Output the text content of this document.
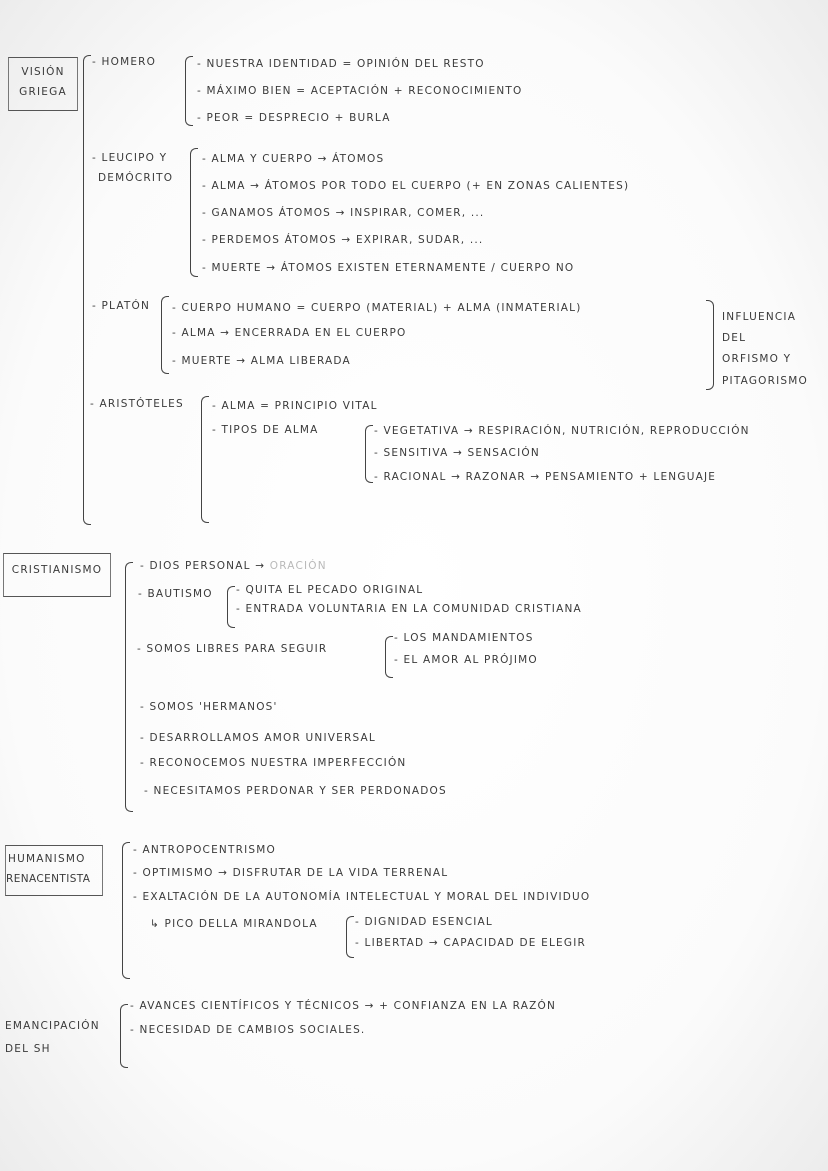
VISIÓN
GRIEGA
- HOMERO	- NUESTRA IDENTIDAD = OPINIÓN DEL RESTO
- MÁXIMO BIEN = ACEPTACIÓN + RECONOCIMIENTO
- PEOR = DESPRECIO + BURLA
- LEUCIPO Y
DEMÓCRITO
- ALMA Y CUERPO → ÁTOMOS
- ALMA → ÁTOMOS POR TODO EL CUERPO (+ EN ZONAS CALIENTES)
- GANAMOS ÁTOMOS → INSPIRAR, COMER, ...
- PERDEMOS ÁTOMOS → EXPIRAR, SUDAR, ...
- MUERTE → ÁTOMOS EXISTEN ETERNAMENTE / CUERPO NO
- PLATÓN - CUERPO HUMANO = CUERPO (MATERIAL) + ALMA (INMATERIAL)
- ALMA → ENCERRADA EN EL CUERPO
- MUERTE → ALMA LIBERADA
INFLUENCIA
DEL
ORFISMO Y
PITAGORISMO
- ARISTÓTELES	- ALMA = PRINCIPIO VITAL
- TIPOS DE ALMA	- VEGETATIVA → RESPIRACIÓN, NUTRICIÓN, REPRODUCCIÓN
- SENSITIVA → SENSACIÓN
- RACIONAL → RAZONAR → PENSAMIENTO + LENGUAJE
CRISTIANISMO	- DIOS PERSONAL → ORACIÓN
- BAUTISMO - QUITA EL PECADO ORIGINAL
- ENTRADA VOLUNTARIA EN LA COMUNIDAD CRISTIANA
- SOMOS LIBRES PARA SEGUIR
- LOS MANDAMIENTOS
- EL AMOR AL PRÓJIMO
- SOMOS 'HERMANOS'
- DESARROLLAMOS AMOR UNIVERSAL
- RECONOCEMOS NUESTRA IMPERFECCIÓN
- NECESITAMOS PERDONAR Y SER PERDONADOS
HUMANISMO
RENACENTISTA
- ANTROPOCENTRISMO
- OPTIMISMO → DISFRUTAR DE LA VIDA TERRENAL
- EXALTACIÓN DE LA AUTONOMÍA INTELECTUAL Y MORAL DEL INDIVIDUO
↳ PICO DELLA MIRANDOLA	- DIGNIDAD ESENCIAL
- LIBERTAD → CAPACIDAD DE ELEGIR
EMANCIPACIÓN
DEL SH
- AVANCES CIENTÍFICOS Y TÉCNICOS → + CONFIANZA EN LA RAZÓN
- NECESIDAD DE CAMBIOS SOCIALES.
